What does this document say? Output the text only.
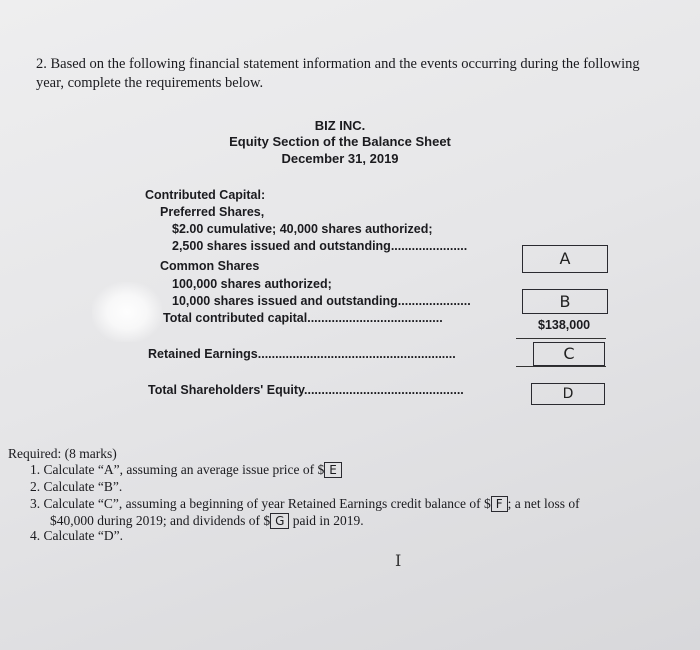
2. Based on the following financial statement information and the events occurring during the following
year, complete the requirements below.
BIZ INC.
Equity Section of the Balance Sheet
December 31, 2019
Contributed Capital:
Preferred Shares,
$2.00 cumulative; 40,000 shares authorized;
2,500 shares issued and outstanding......................
Common Shares
100,000 shares authorized;
10,000 shares issued and outstanding.....................
Total contributed capital.......................................
Retained Earnings.........................................................
Total Shareholders' Equity..............................................
A
B
$138,000
C
D
Required: (8 marks)
1. Calculate “A”, assuming an average issue price of $ E
2. Calculate “B”.
3. Calculate “C”, assuming a beginning of year Retained Earnings credit balance of $ F ; a net loss of
$40,000 during 2019; and dividends of $ G paid in 2019.
4. Calculate “D”.
I
